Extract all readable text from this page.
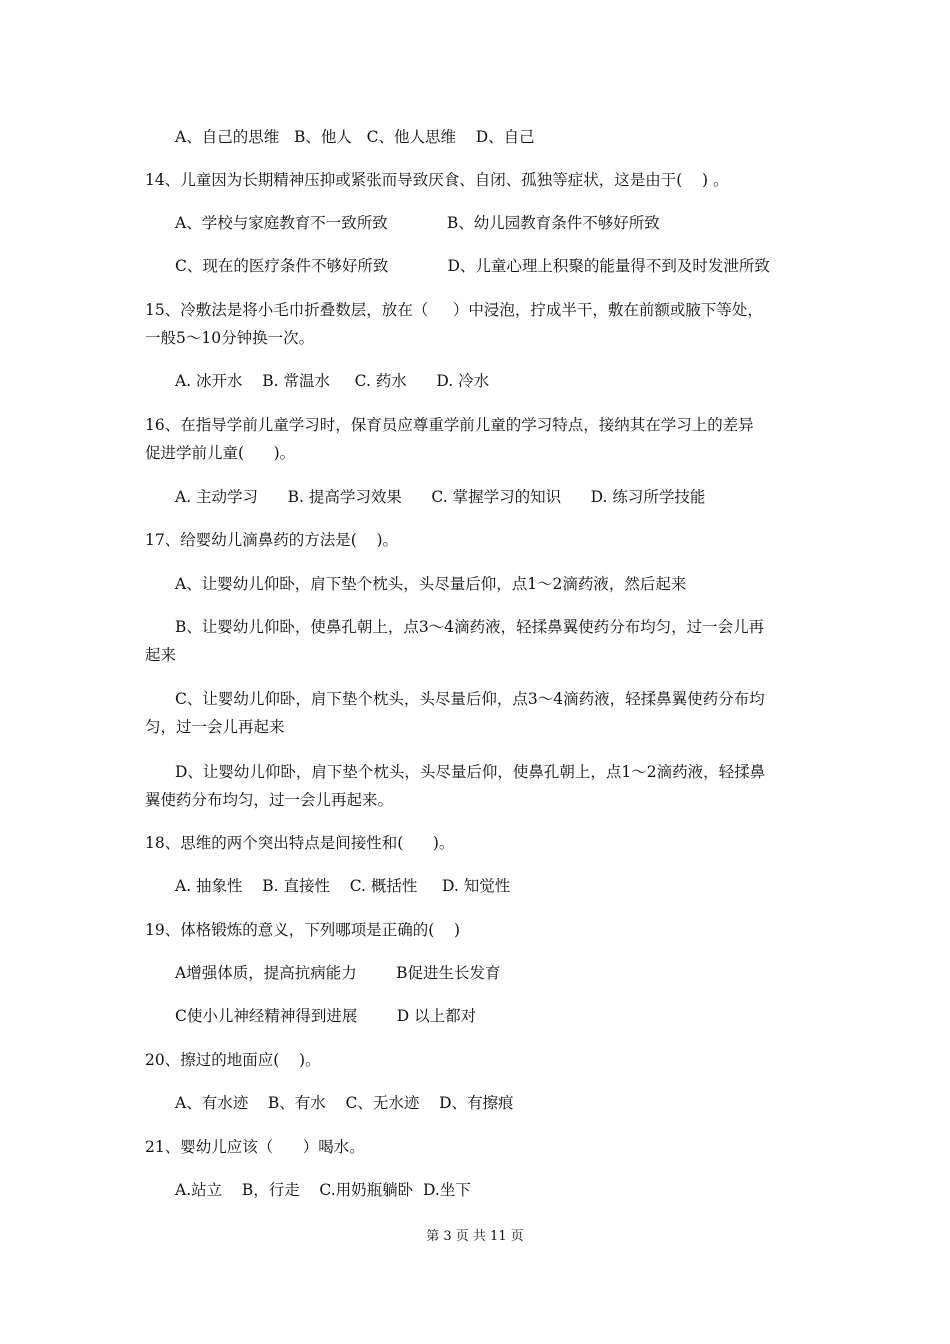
A、自己的思维   B、他人   C、他人思维    D、自己
14、儿童因为长期精神压抑或紧张而导致厌食、自闭、孤独等症状，这是由于(    ) 。
A、学校与家庭教育不一致所致            B、幼儿园教育条件不够好所致
C、现在的医疗条件不够好所致            D、儿童心理上积聚的能量得不到及时发泄所致
15、冷敷法是将小毛巾折叠数层，放在（     ）中浸泡，拧成半干，敷在前额或腋下等处，
一般5～10分钟换一次。
A. 冰开水    B. 常温水     C. 药水      D. 冷水
16、在指导学前儿童学习时，保育员应尊重学前儿童的学习特点，接纳其在学习上的差异
促进学前儿童(      )。
A. 主动学习      B. 提高学习效果      C. 掌握学习的知识      D. 练习所学技能
17、给婴幼儿滴鼻药的方法是(    )。
A、让婴幼儿仰卧，肩下垫个枕头，头尽量后仰，点1～2滴药液，然后起来
B、让婴幼儿仰卧，使鼻孔朝上，点3～4滴药液，轻揉鼻翼使药分布均匀，过一会儿再
起来
C、让婴幼儿仰卧，肩下垫个枕头，头尽量后仰，点3～4滴药液，轻揉鼻翼使药分布均
匀，过一会儿再起来
D、让婴幼儿仰卧，肩下垫个枕头，头尽量后仰，使鼻孔朝上，点1～2滴药液，轻揉鼻
翼使药分布均匀，过一会儿再起来。
18、思维的两个突出特点是间接性和(      )。
A. 抽象性    B. 直接性    C. 概括性     D. 知觉性
19、体格锻炼的意义，下列哪项是正确的(    )
A增强体质，提高抗病能力        B促进生长发育
C使小儿神经精神得到进展        D 以上都对
20、擦过的地面应(    )。
A、有水迹    B、有水    C、无水迹    D、有擦痕
21、婴幼儿应该（      ）喝水。
A.站立    B，行走    C.用奶瓶躺卧  D.坐下
第 3 页 共 11 页
